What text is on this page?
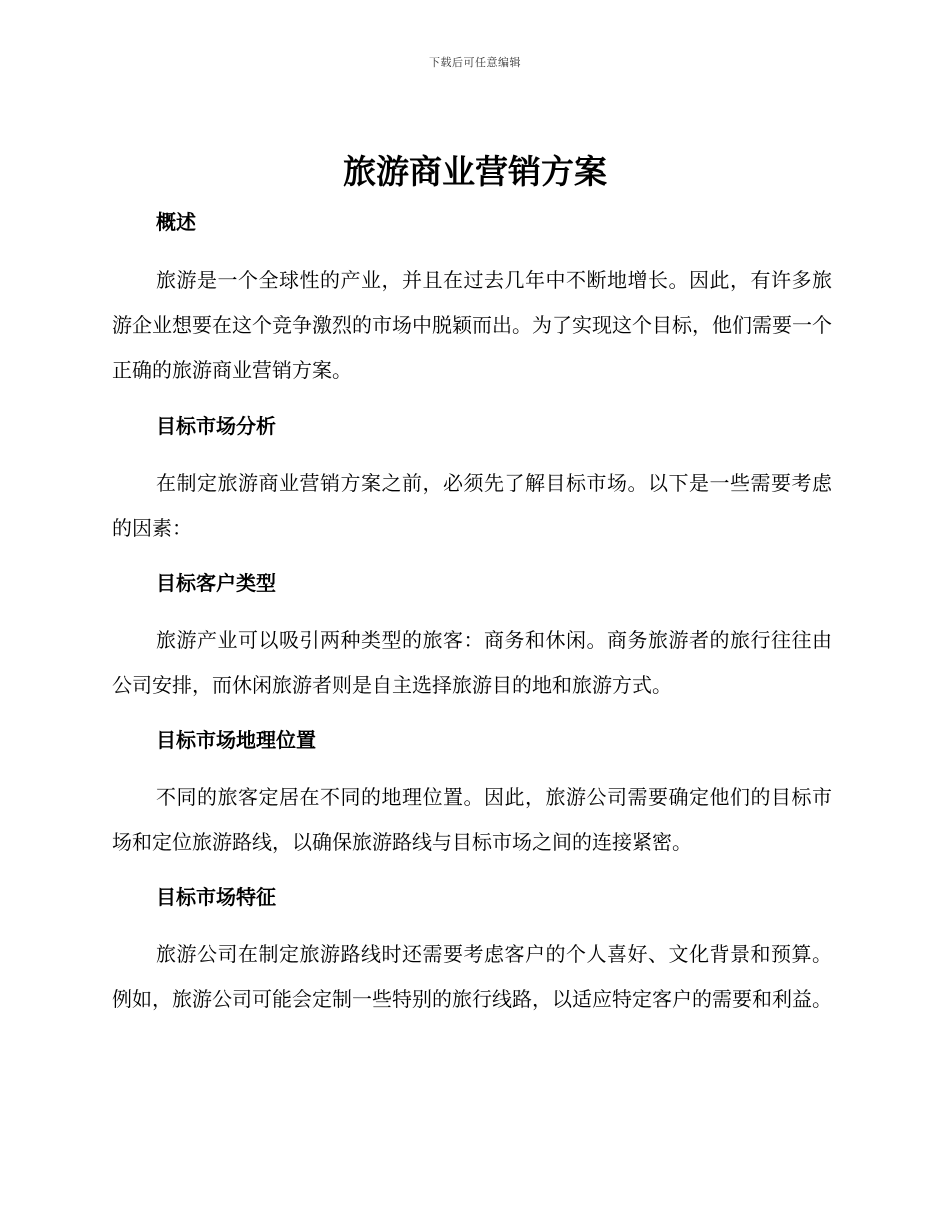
下载后可任意编辑
旅游商业营销方案
概述

旅游是一个全球性的产业，并且在过去几年中不断地增长。因此，有许多旅游企业想要在这个竞争激烈的市场中脱颖而出。为了实现这个目标，他们需要一个正确的旅游商业营销方案。

目标市场分析

在制定旅游商业营销方案之前，必须先了解目标市场。以下是一些需要考虑的因素：

目标客户类型

旅游产业可以吸引两种类型的旅客：商务和休闲。商务旅游者的旅行往往由公司安排，而休闲旅游者则是自主选择旅游目的地和旅游方式。

目标市场地理位置

不同的旅客定居在不同的地理位置。因此，旅游公司需要确定他们的目标市场和定位旅游路线，以确保旅游路线与目标市场之间的连接紧密。

目标市场特征

旅游公司在制定旅游路线时还需要考虑客户的个人喜好、文化背景和预算。例如，旅游公司可能会定制一些特别的旅行线路，以适应特定客户的需要和利益。
